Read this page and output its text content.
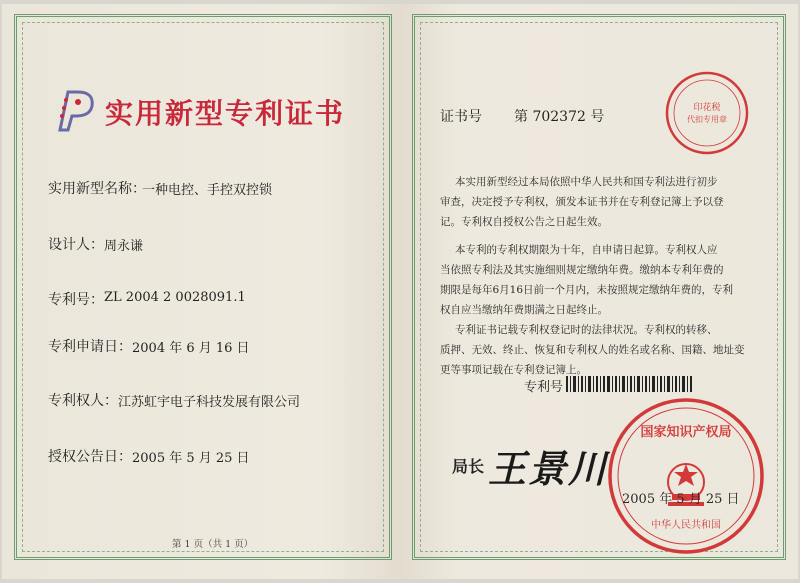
实用新型专利证书
实用新型名称：
一种电控、手控双控锁
设计人： 周永谦
专利号： ZL 2004 2 0028091.1
专利申请日： 2004 年 6 月 16 日
专利权人： 江苏虹宇电子科技发展有限公司
授权公告日： 2005 年 5 月 25 日
第 1 页（共 1 页）
证书号 第 702372 号
印花税
代扣专用章
本实用新型经过本局依照中华人民共和国专利法进行初步
审查，决定授予专利权，颁发本证书并在专利登记簿上予以登
记。专利权自授权公告之日起生效。
本专利的专利权期限为十年，自申请日起算。专利权人应
当依照专利法及其实施细则规定缴纳年费。缴纳本专利年费的
期限是每年6月16日前一个月内，未按照规定缴纳年费的，专利
权自应当缴纳年费期满之日起终止。
专利证书记载专利权登记时的法律状况。专利权的转移、
质押、无效、终止、恢复和专利权人的姓名或名称、国籍、地址变
更等事项记载在专利登记簿上。
专利号
国家知识产权局
中华人民共和国
局长 王景川
2005 年 5 月 25 日
